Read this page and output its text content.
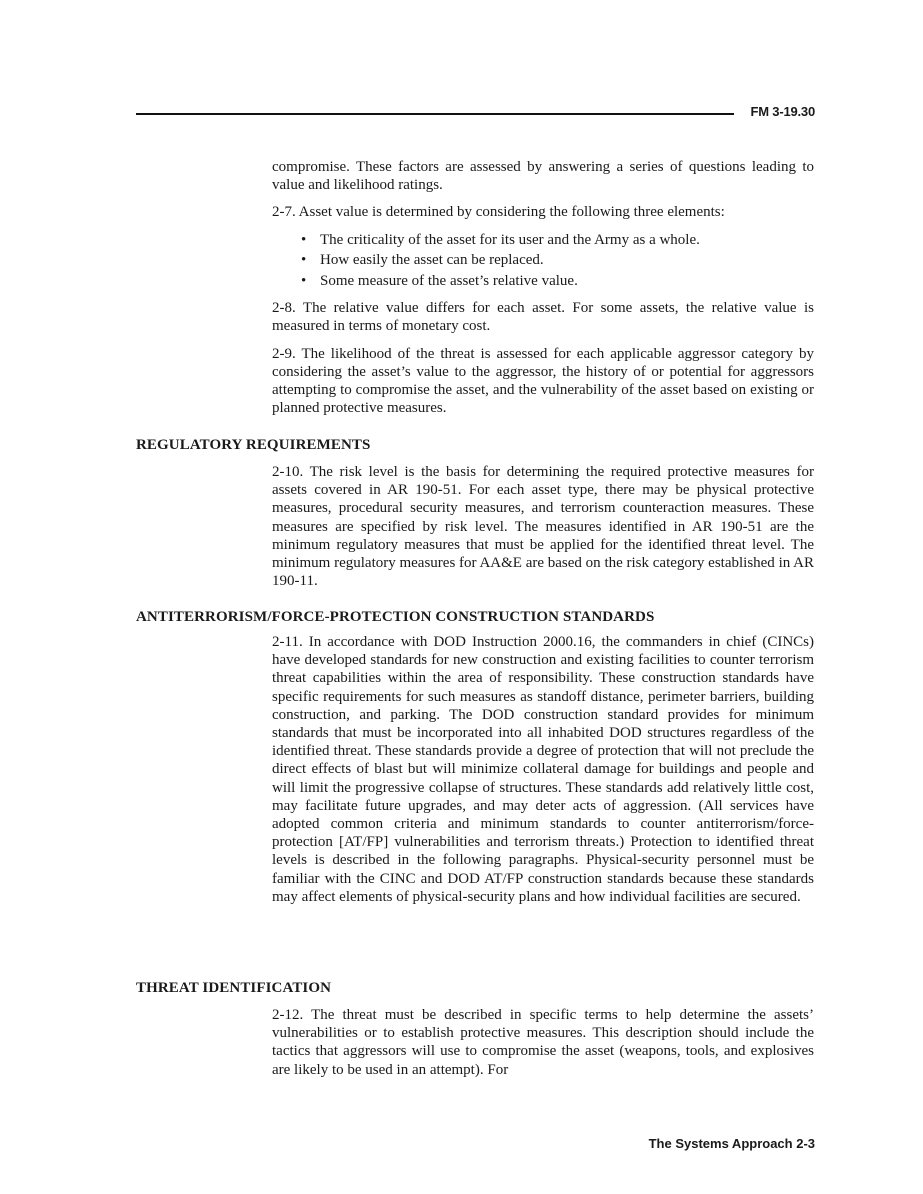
FM 3-19.30

compromise. These factors are assessed by answering a series of questions leading to value and likelihood ratings.

2-7. Asset value is determined by considering the following three elements:

• The criticality of the asset for its user and the Army as a whole.
• How easily the asset can be replaced.
• Some measure of the asset’s relative value.

2-8. The relative value differs for each asset. For some assets, the relative value is measured in terms of monetary cost.

2-9. The likelihood of the threat is assessed for each applicable aggressor category by considering the asset’s value to the aggressor, the history of or potential for aggressors attempting to compromise the asset, and the vulnerability of the asset based on existing or planned protective measures.

REGULATORY REQUIREMENTS

2-10. The risk level is the basis for determining the required protective measures for assets covered in AR 190-51. For each asset type, there may be physical protective measures, procedural security measures, and terrorism counteraction measures. These measures are specified by risk level. The measures identified in AR 190-51 are the minimum regulatory measures that must be applied for the identified threat level. The minimum regulatory measures for AA&E are based on the risk category established in AR 190-11.

ANTITERRORISM/FORCE-PROTECTION CONSTRUCTION STANDARDS

2-11. In accordance with DOD Instruction 2000.16, the commanders in chief (CINCs) have developed standards for new construction and existing facilities to counter terrorism threat capabilities within the area of responsibility. These construction standards have specific requirements for such measures as standoff distance, perimeter barriers, building construction, and parking. The DOD construction standard provides for minimum standards that must be incorporated into all inhabited DOD structures regardless of the identified threat. These standards provide a degree of protection that will not preclude the direct effects of blast but will minimize collateral damage for buildings and people and will limit the progressive collapse of structures. These standards add relatively little cost, may facilitate future upgrades, and may deter acts of aggression. (All services have adopted common criteria and minimum standards to counter antiterrorism/force-protection [AT/FP] vulnerabilities and terrorism threats.) Protection to identified threat levels is described in the following paragraphs. Physical-security personnel must be familiar with the CINC and DOD AT/FP construction standards because these standards may affect elements of physical-security plans and how individual facilities are secured.

THREAT IDENTIFICATION

2-12. The threat must be described in specific terms to help determine the assets’ vulnerabilities or to establish protective measures. This description should include the tactics that aggressors will use to compromise the asset (weapons, tools, and explosives are likely to be used in an attempt). For

The Systems Approach 2-3
